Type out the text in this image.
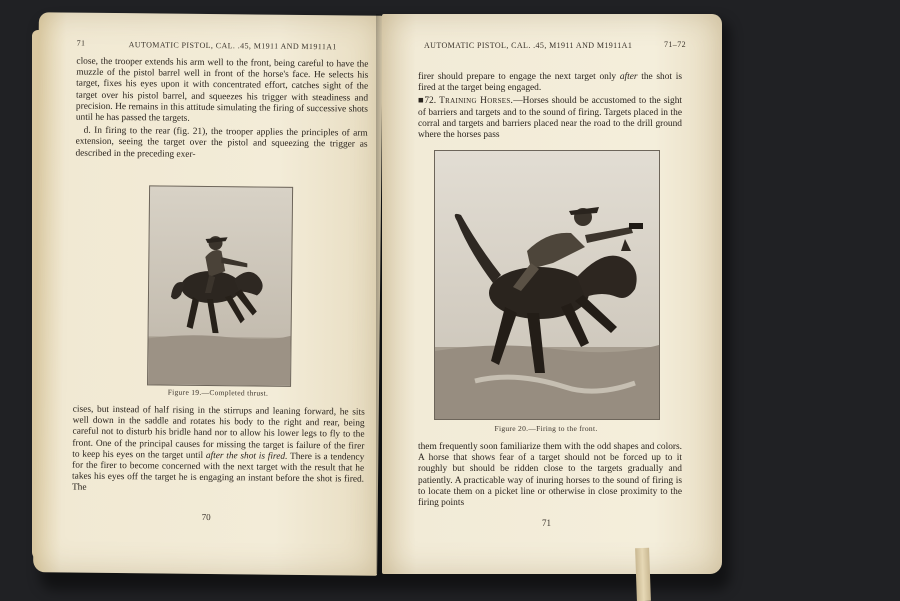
71	AUTOMATIC PISTOL, CAL. .45, M1911 AND M1911A1

close, the trooper extends his arm well to the front, being careful to have the muzzle of the pistol barrel well in front of the horse's face. He selects his target, fixes his eyes upon it with concentrated effort, catches sight of the target over his pistol barrel, and squeezes his trigger with steadiness and precision. He remains in this attitude simulating the firing of successive shots until he has passed the targets.

d. In firing to the rear (fig. 21), the trooper applies the principles of arm extension, seeing the target over the pistol and squeezing the trigger as described in the preceding exer-

Figure 19.—Completed thrust.

cises, but instead of half rising in the stirrups and leaning forward, he sits well down in the saddle and rotates his body to the right and rear, being careful not to disturb his bridle hand nor to allow his lower legs to fly to the front. One of the principal causes for missing the target is failure of the firer to keep his eyes on the target until after the shot is fired. There is a tendency for the firer to become concerned with the next target with the result that he takes his eyes off the target he is engaging an instant before the shot is fired. The

70
AUTOMATIC PISTOL, CAL. .45, M1911 AND M1911A1	71–72

firer should prepare to engage the next target only after the shot is fired at the target being engaged.

■72. Training Horses.—Horses should be accustomed to the sight of barriers and targets and to the sound of firing. Targets placed in the corral and targets and barriers placed near the road to the drill ground where the horses pass

Figure 20.—Firing to the front.

them frequently soon familiarize them with the odd shapes and colors. A horse that shows fear of a target should not be forced up to it roughly but should be ridden close to the targets gradually and patiently. A practicable way of inuring horses to the sound of firing is to locate them on a picket line or otherwise in close proximity to the firing points

71
